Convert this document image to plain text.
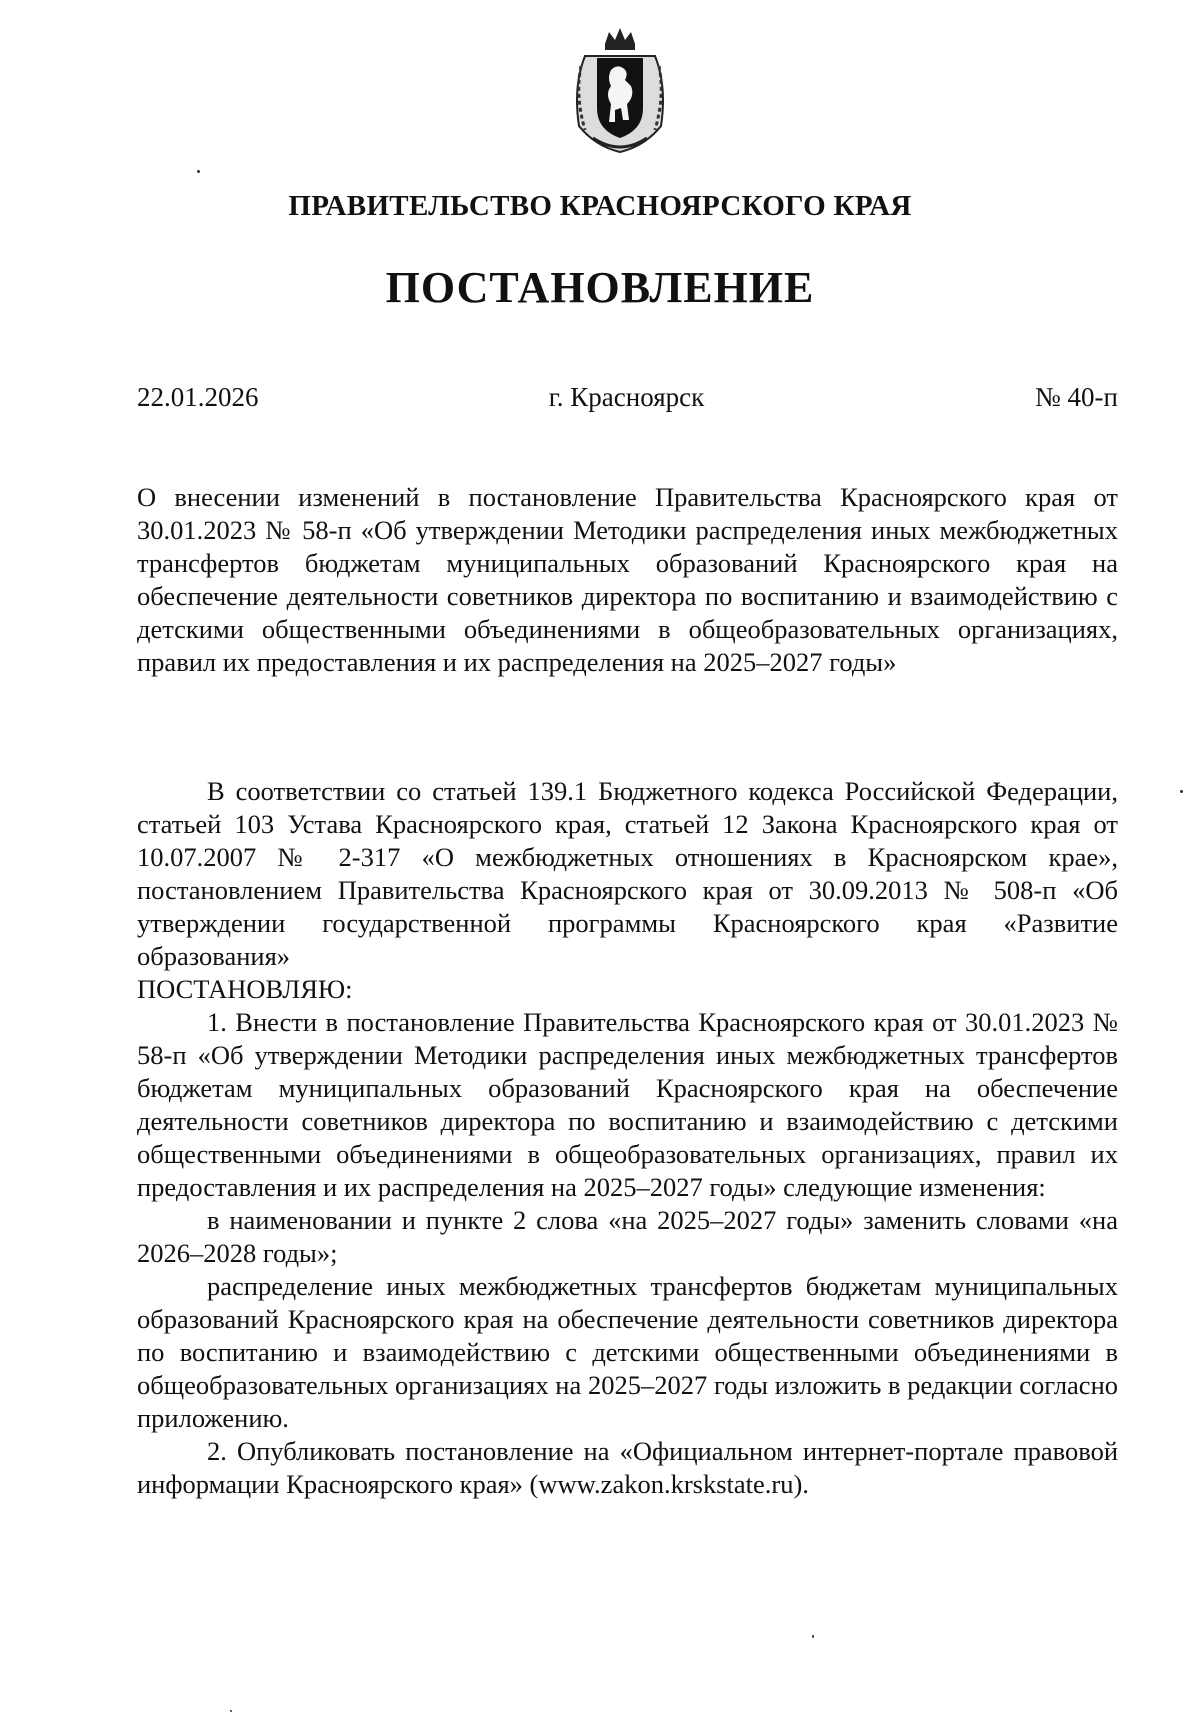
ПРАВИТЕЛЬСТВО КРАСНОЯРСКОГО КРАЯ
ПОСТАНОВЛЕНИЕ
22.01.2026	г. Красноярск	№ 40-п

О внесении изменений в постановление Правительства Красноярского края от 30.01.2023 № 58-п «Об утверждении Методики распределения иных межбюджетных трансфертов бюджетам муниципальных образований Красноярского края на обеспечение деятельности советников директора по воспитанию и взаимодействию с детскими общественными объединениями в общеобразовательных организациях, правил их предоставления и их распределения на 2025–2027 годы»

В соответствии со статьей 139.1 Бюджетного кодекса Российской Федерации, статьей 103 Устава Красноярского края, статьей 12 Закона Красноярского края от 10.07.2007 № 2-317 «О межбюджетных отношениях в Красноярском крае», постановлением Правительства Красноярского края от 30.09.2013 № 508-п «Об утверждении государственной программы Красноярского края «Развитие образования»

ПОСТАНОВЛЯЮ:

1. Внести в постановление Правительства Красноярского края от 30.01.2023 № 58-п «Об утверждении Методики распределения иных межбюджетных трансфертов бюджетам муниципальных образований Красноярского края на обеспечение деятельности советников директора по воспитанию и взаимодействию с детскими общественными объединениями в общеобразовательных организациях, правил их предоставления и их распределения на 2025–2027 годы» следующие изменения:

в наименовании и пункте 2 слова «на 2025–2027 годы» заменить словами «на 2026–2028 годы»;

распределение иных межбюджетных трансфертов бюджетам муниципальных образований Красноярского края на обеспечение деятельности советников директора по воспитанию и взаимодействию с детскими общественными объединениями в общеобразовательных организациях на 2025–2027 годы изложить в редакции согласно приложению.

2. Опубликовать постановление на «Официальном интернет-портале правовой информации Красноярского края» (www.zakon.krskstate.ru).
